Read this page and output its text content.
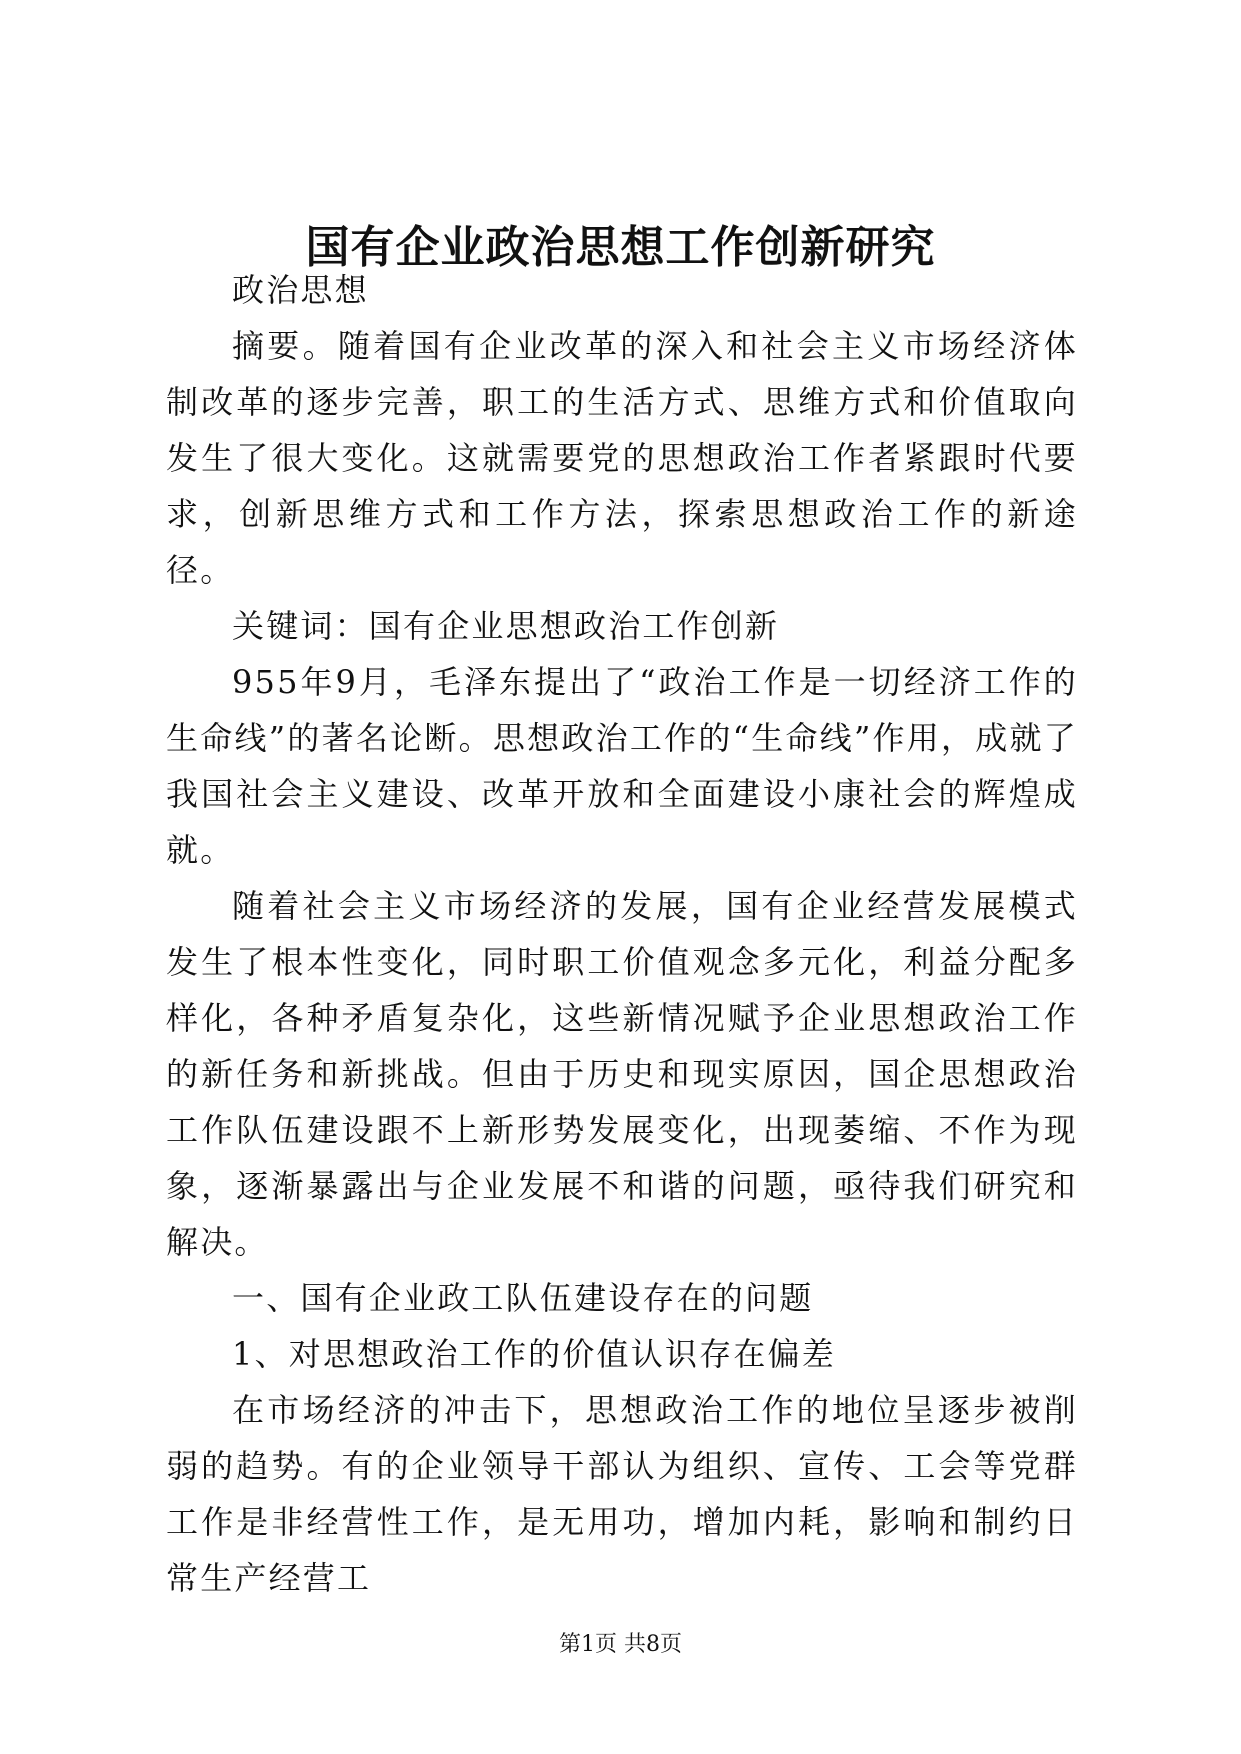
国有企业政治思想工作创新研究

政治思想

摘要。随着国有企业改革的深入和社会主义市场经济体制改革的逐步完善，职工的生活方式、思维方式和价值取向发生了很大变化。这就需要党的思想政治工作者紧跟时代要求，创新思维方式和工作方法，探索思想政治工作的新途径。

关键词：国有企业思想政治工作创新

955年9月，毛泽东提出了“政治工作是一切经济工作的生命线”的著名论断。思想政治工作的“生命线”作用，成就了我国社会主义建设、改革开放和全面建设小康社会的辉煌成就。

随着社会主义市场经济的发展，国有企业经营发展模式发生了根本性变化，同时职工价值观念多元化，利益分配多样化，各种矛盾复杂化，这些新情况赋予企业思想政治工作的新任务和新挑战。但由于历史和现实原因，国企思想政治工作队伍建设跟不上新形势发展变化，出现萎缩、不作为现象，逐渐暴露出与企业发展不和谐的问题，亟待我们研究和解决。

一、国有企业政工队伍建设存在的问题

1、对思想政治工作的价值认识存在偏差

在市场经济的冲击下，思想政治工作的地位呈逐步被削弱的趋势。有的企业领导干部认为组织、宣传、工会等党群工作是非经营性工作，是无用功，增加内耗，影响和制约日常生产经营工

第1页 共8页
